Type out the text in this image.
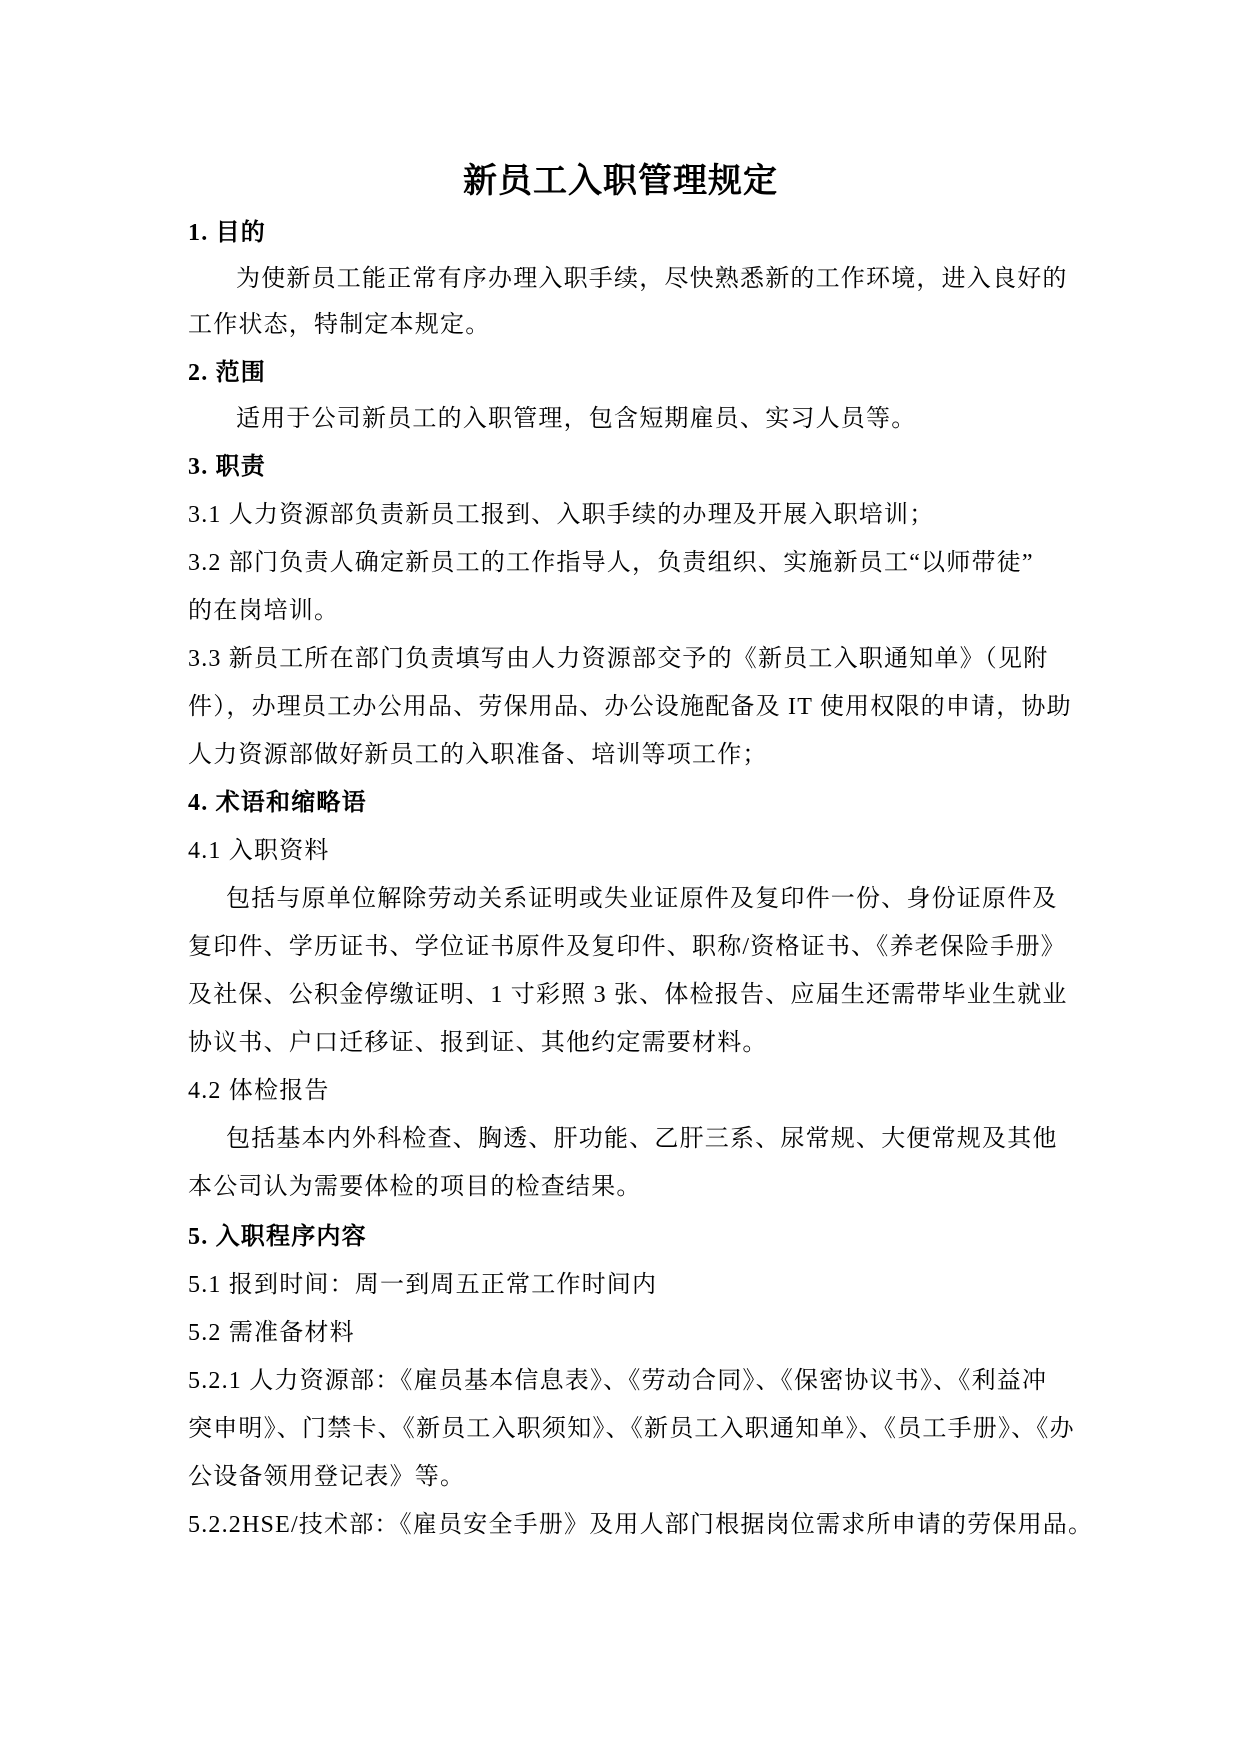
新员工入职管理规定
1. 目的
为使新员工能正常有序办理入职手续，尽快熟悉新的工作环境，进入良好的
工作状态，特制定本规定。
2. 范围
适用于公司新员工的入职管理，包含短期雇员、实习人员等。
3. 职责
3.1 人力资源部负责新员工报到、入职手续的办理及开展入职培训；
3.2 部门负责人确定新员工的工作指导人，负责组织、实施新员工“以师带徒”
的在岗培训。
3.3 新员工所在部门负责填写由人力资源部交予的《新员工入职通知单》（见附
件），办理员工办公用品、劳保用品、办公设施配备及 IT 使用权限的申请，协助
人力资源部做好新员工的入职准备、培训等项工作；
4. 术语和缩略语
4.1 入职资料
包括与原单位解除劳动关系证明或失业证原件及复印件一份、身份证原件及
复印件、学历证书、学位证书原件及复印件、职称/资格证书、《养老保险手册》
及社保、公积金停缴证明、1 寸彩照 3 张、体检报告、应届生还需带毕业生就业
协议书、户口迁移证、报到证、其他约定需要材料。
4.2 体检报告
包括基本内外科检查、胸透、肝功能、乙肝三系、尿常规、大便常规及其他
本公司认为需要体检的项目的检查结果。
5. 入职程序内容
5.1 报到时间：周一到周五正常工作时间内
5.2 需准备材料
5.2.1 人力资源部：《雇员基本信息表》、《劳动合同》、《保密协议书》、《利益冲
突申明》、门禁卡、《新员工入职须知》、《新员工入职通知单》、《员工手册》、《办
公设备领用登记表》等。
5.2.2HSE/技术部：《雇员安全手册》及用人部门根据岗位需求所申请的劳保用品。
